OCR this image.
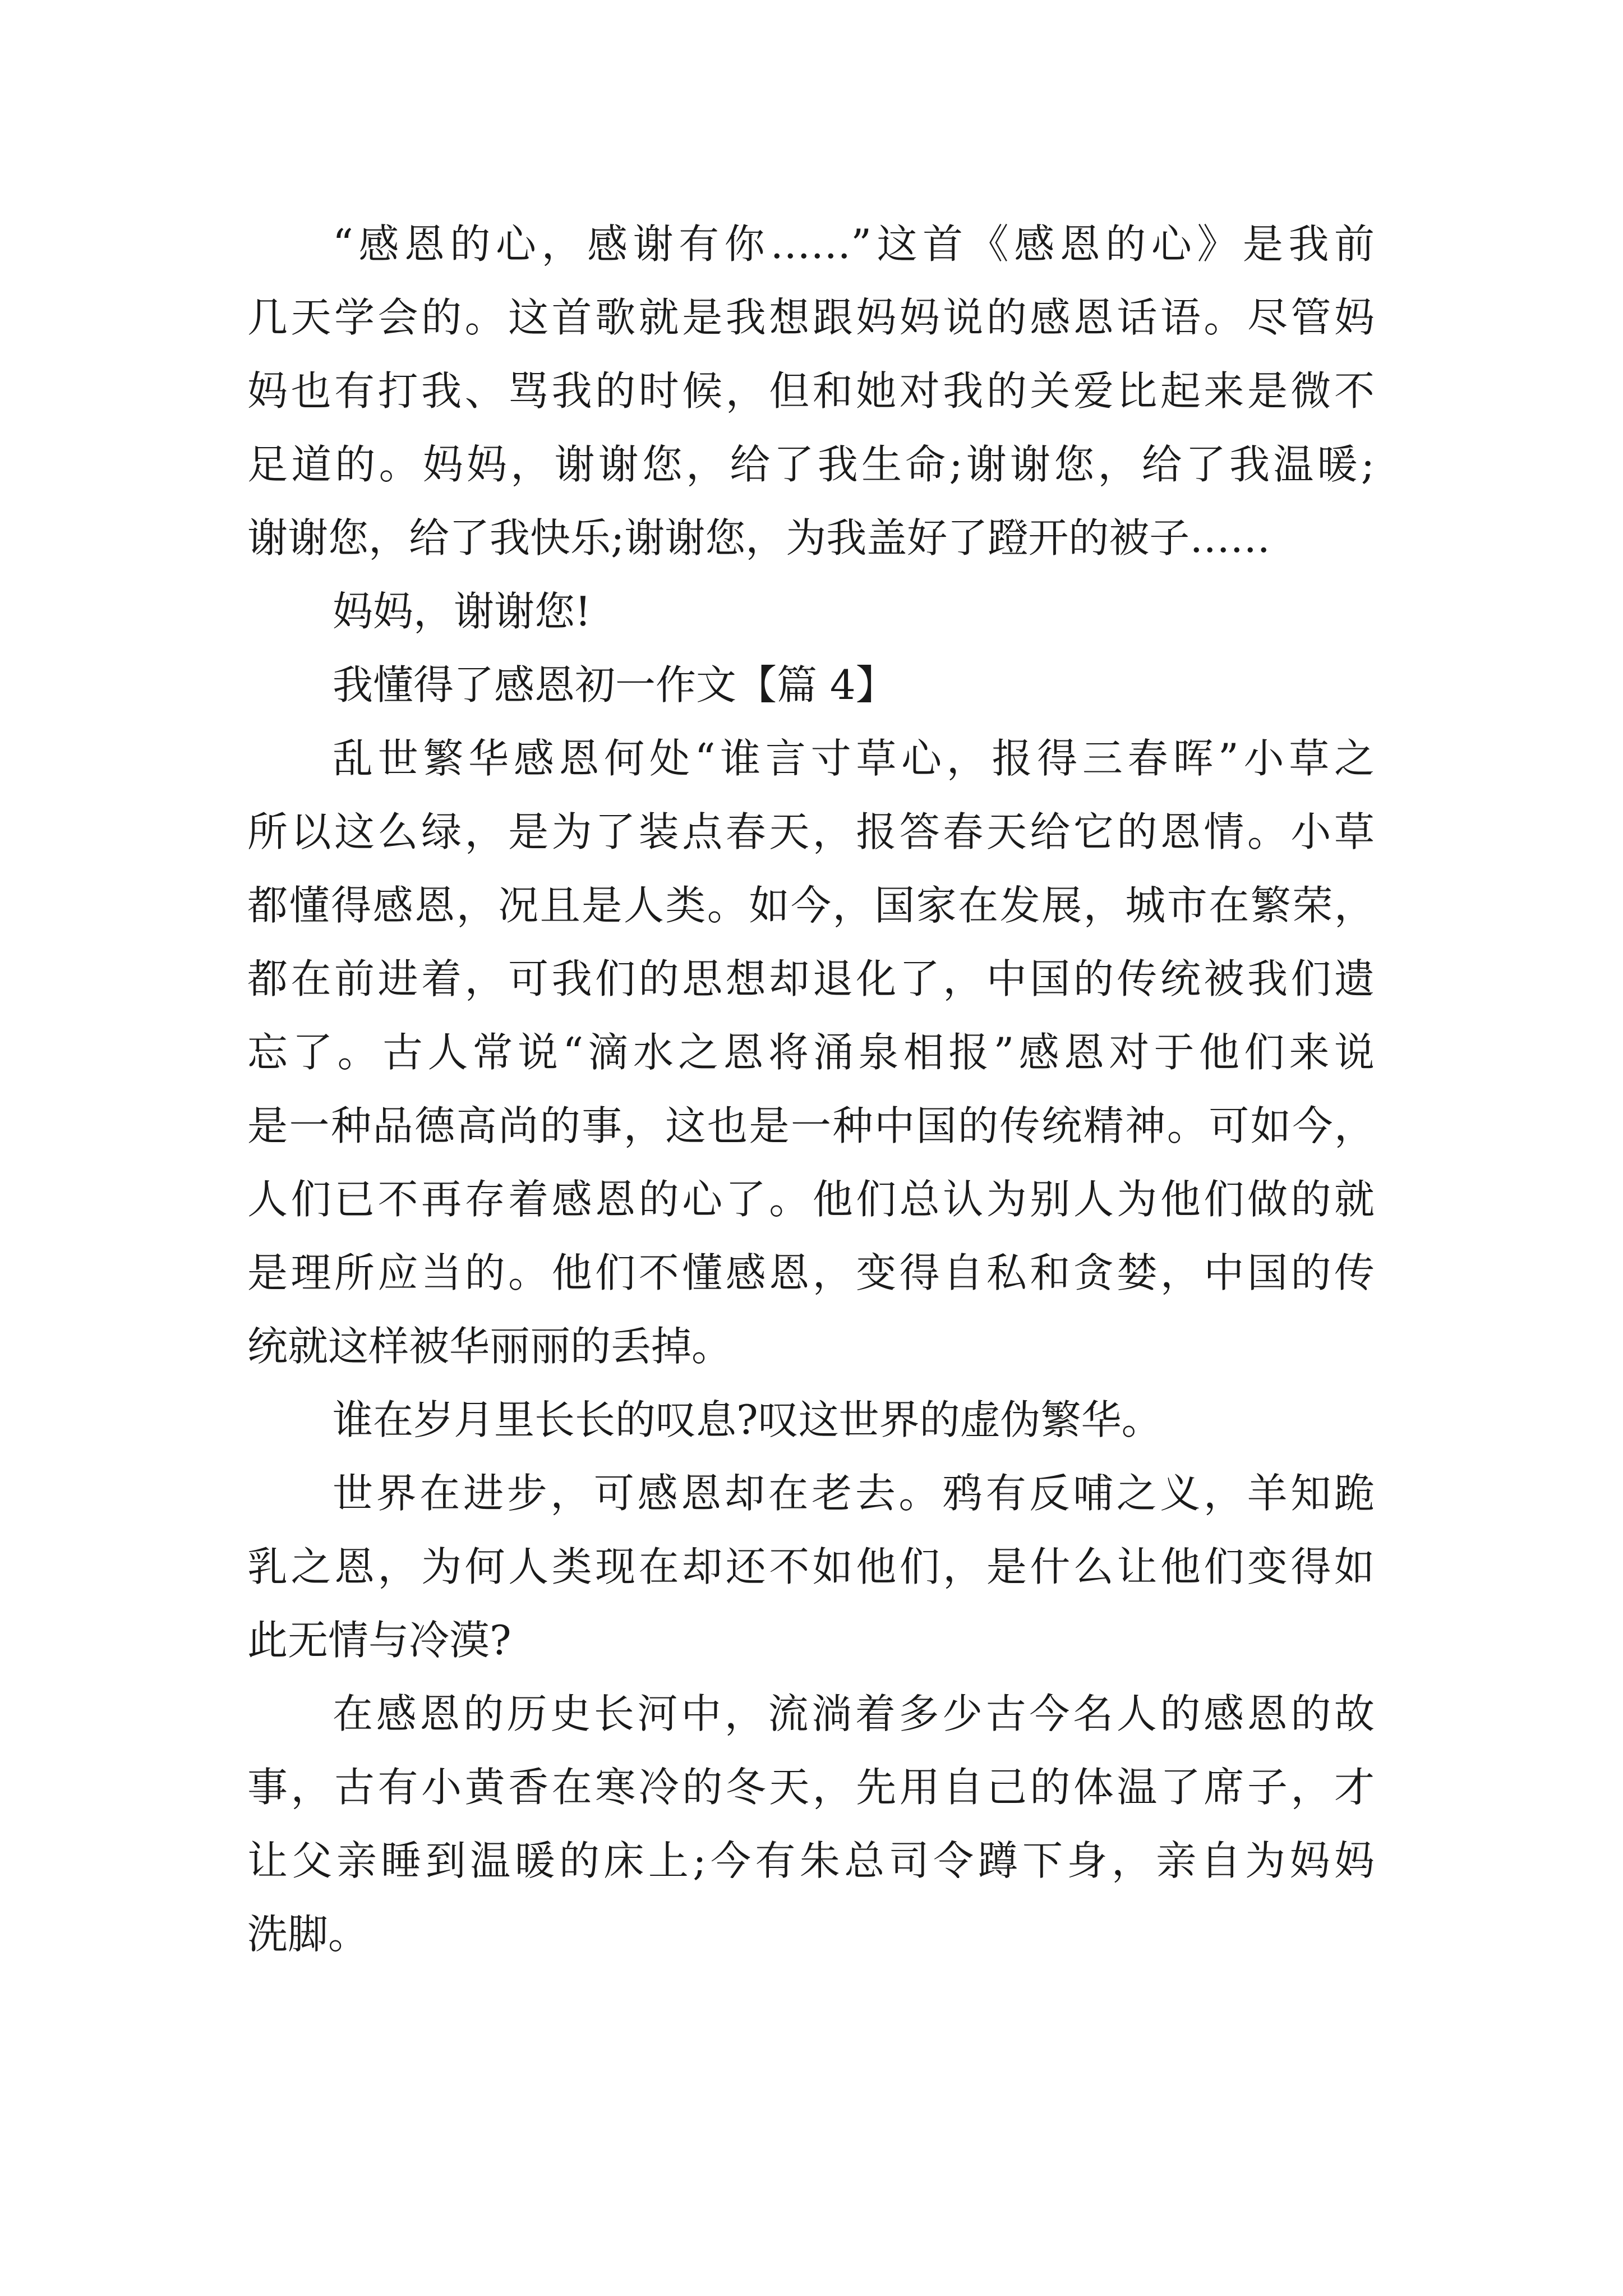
“感恩的心，感谢有你……”这首《感恩的心》是我前
几天学会的。这首歌就是我想跟妈妈说的感恩话语。尽管妈
妈也有打我、骂我的时候，但和她对我的关爱比起来是微不
足道的。妈妈，谢谢您，给了我生命;谢谢您，给了我温暖;
谢谢您，给了我快乐;谢谢您，为我盖好了蹬开的被子……
妈妈，谢谢您!
我懂得了感恩初一作文【篇 4】
乱世繁华感恩何处“谁言寸草心，报得三春晖”小草之
所以这么绿，是为了装点春天，报答春天给它的恩情。小草
都懂得感恩，况且是人类。如今，国家在发展，城市在繁荣，
都在前进着，可我们的思想却退化了，中国的传统被我们遗
忘了。古人常说“滴水之恩将涌泉相报”感恩对于他们来说
是一种品德高尚的事，这也是一种中国的传统精神。可如今，
人们已不再存着感恩的心了。他们总认为别人为他们做的就
是理所应当的。他们不懂感恩，变得自私和贪婪，中国的传
统就这样被华丽丽的丢掉。
谁在岁月里长长的叹息?叹这世界的虚伪繁华。
世界在进步，可感恩却在老去。鸦有反哺之义，羊知跪
乳之恩，为何人类现在却还不如他们，是什么让他们变得如
此无情与冷漠?
在感恩的历史长河中，流淌着多少古今名人的感恩的故
事，古有小黄香在寒冷的冬天，先用自己的体温了席子，才
让父亲睡到温暖的床上;今有朱总司令蹲下身，亲自为妈妈
洗脚。
